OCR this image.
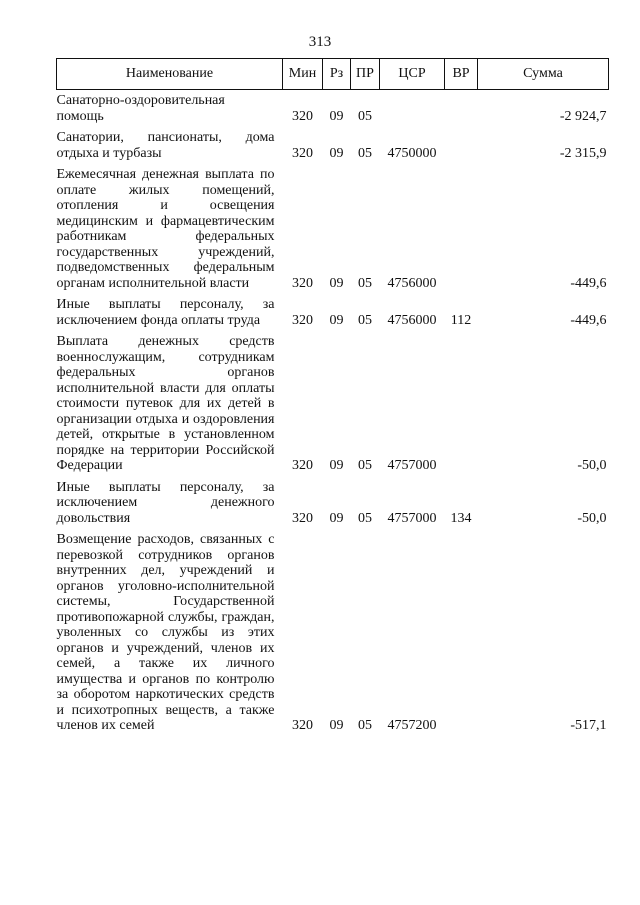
313
Наименование	Мин	Рз	ПР	ЦСР	ВР	Сумма
Санаторно-оздоровительная помощь	320	09	05			-2 924,7
Санатории, пансионаты, дома отдыха и турбазы	320	09	05	4750000		-2 315,9
Ежемесячная денежная выплата по оплате жилых помещений, отопления и освещения медицинским и фармацевтическим работникам федеральных государственных учреждений, подведомственных федеральным органам исполнительной власти	320	09	05	4756000		-449,6
Иные выплаты персоналу, за исключением фонда оплаты труда	320	09	05	4756000	112	-449,6
Выплата денежных средств военнослужащим, сотрудникам федеральных органов исполнительной власти для оплаты стоимости путевок для их детей в организации отдыха и оздоровления детей, открытые в установленном порядке на территории Российской Федерации	320	09	05	4757000		-50,0
Иные выплаты персоналу, за исключением денежного довольствия	320	09	05	4757000	134	-50,0
Возмещение расходов, связанных с перевозкой сотрудников органов внутренних дел, учреждений и органов уголовно-исполнительной системы, Государственной противопожарной службы, граждан, уволенных со службы из этих органов и учреждений, членов их семей, а также их личного имущества и органов по контролю за оборотом наркотических средств и психотропных веществ, а также членов их семей	320	09	05	4757200		-517,1
